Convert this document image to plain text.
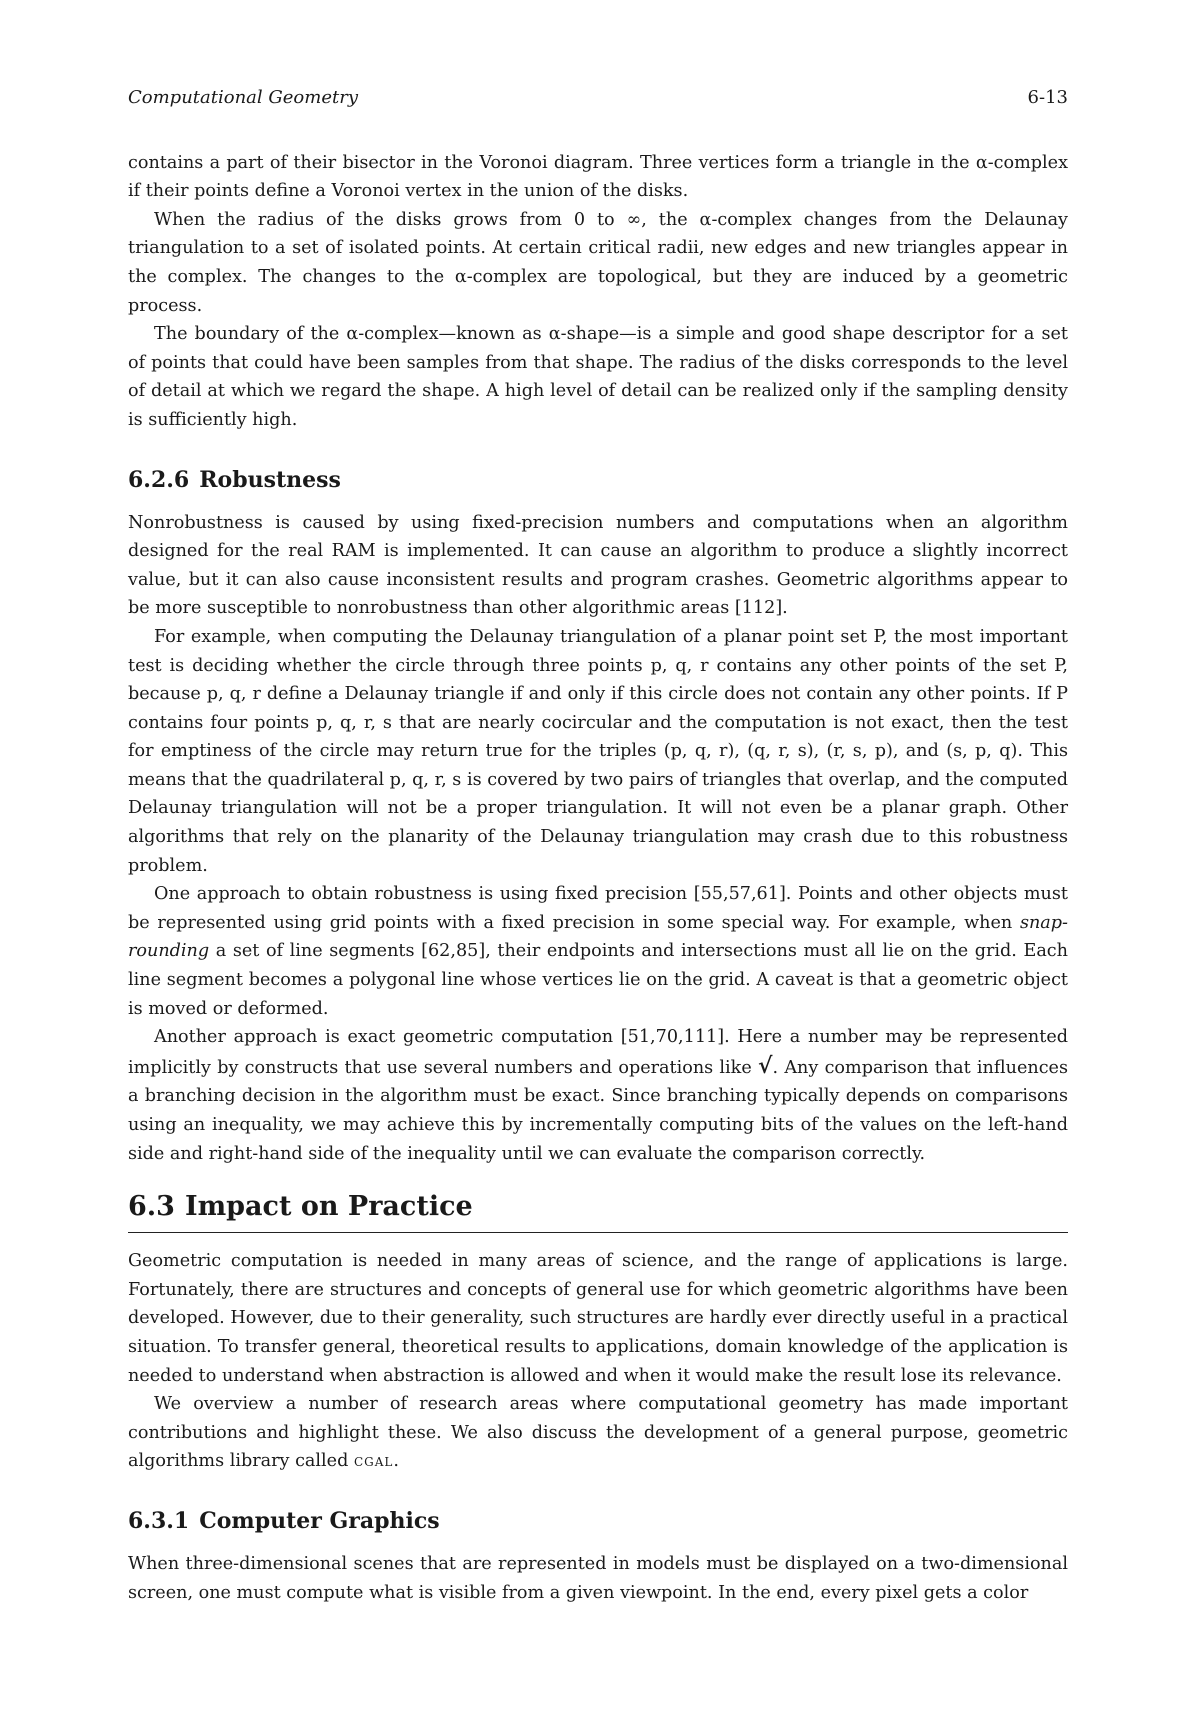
Computational Geometry	6-13

contains a part of their bisector in the Voronoi diagram. Three vertices form a triangle in the α-complex if their points define a Voronoi vertex in the union of the disks.

When the radius of the disks grows from 0 to ∞, the α-complex changes from the Delaunay triangulation to a set of isolated points. At certain critical radii, new edges and new triangles appear in the complex. The changes to the α-complex are topological, but they are induced by a geometric process.

The boundary of the α-complex—known as α-shape—is a simple and good shape descriptor for a set of points that could have been samples from that shape. The radius of the disks corresponds to the level of detail at which we regard the shape. A high level of detail can be realized only if the sampling density is sufficiently high.

6.2.6 Robustness

Nonrobustness is caused by using fixed-precision numbers and computations when an algorithm designed for the real RAM is implemented. It can cause an algorithm to produce a slightly incorrect value, but it can also cause inconsistent results and program crashes. Geometric algorithms appear to be more susceptible to nonrobustness than other algorithmic areas [112].

For example, when computing the Delaunay triangulation of a planar point set P, the most important test is deciding whether the circle through three points p, q, r contains any other points of the set P, because p, q, r define a Delaunay triangle if and only if this circle does not contain any other points. If P contains four points p, q, r, s that are nearly cocircular and the computation is not exact, then the test for emptiness of the circle may return true for the triples (p, q, r), (q, r, s), (r, s, p), and (s, p, q). This means that the quadrilateral p, q, r, s is covered by two pairs of triangles that overlap, and the computed Delaunay triangulation will not be a proper triangulation. It will not even be a planar graph. Other algorithms that rely on the planarity of the Delaunay triangulation may crash due to this robustness problem.

One approach to obtain robustness is using fixed precision [55,57,61]. Points and other objects must be represented using grid points with a fixed precision in some special way. For example, when snap-rounding a set of line segments [62,85], their endpoints and intersections must all lie on the grid. Each line segment becomes a polygonal line whose vertices lie on the grid. A caveat is that a geometric object is moved or deformed.

Another approach is exact geometric computation [51,70,111]. Here a number may be represented implicitly by constructs that use several numbers and operations like √. Any comparison that influences a branching decision in the algorithm must be exact. Since branching typically depends on comparisons using an inequality, we may achieve this by incrementally computing bits of the values on the left-hand side and right-hand side of the inequality until we can evaluate the comparison correctly.

6.3 Impact on Practice

Geometric computation is needed in many areas of science, and the range of applications is large. Fortunately, there are structures and concepts of general use for which geometric algorithms have been developed. However, due to their generality, such structures are hardly ever directly useful in a practical situation. To transfer general, theoretical results to applications, domain knowledge of the application is needed to understand when abstraction is allowed and when it would make the result lose its relevance.

We overview a number of research areas where computational geometry has made important contributions and highlight these. We also discuss the development of a general purpose, geometric algorithms library called cgal.

6.3.1 Computer Graphics

When three-dimensional scenes that are represented in models must be displayed on a two-dimensional screen, one must compute what is visible from a given viewpoint. In the end, every pixel gets a color
